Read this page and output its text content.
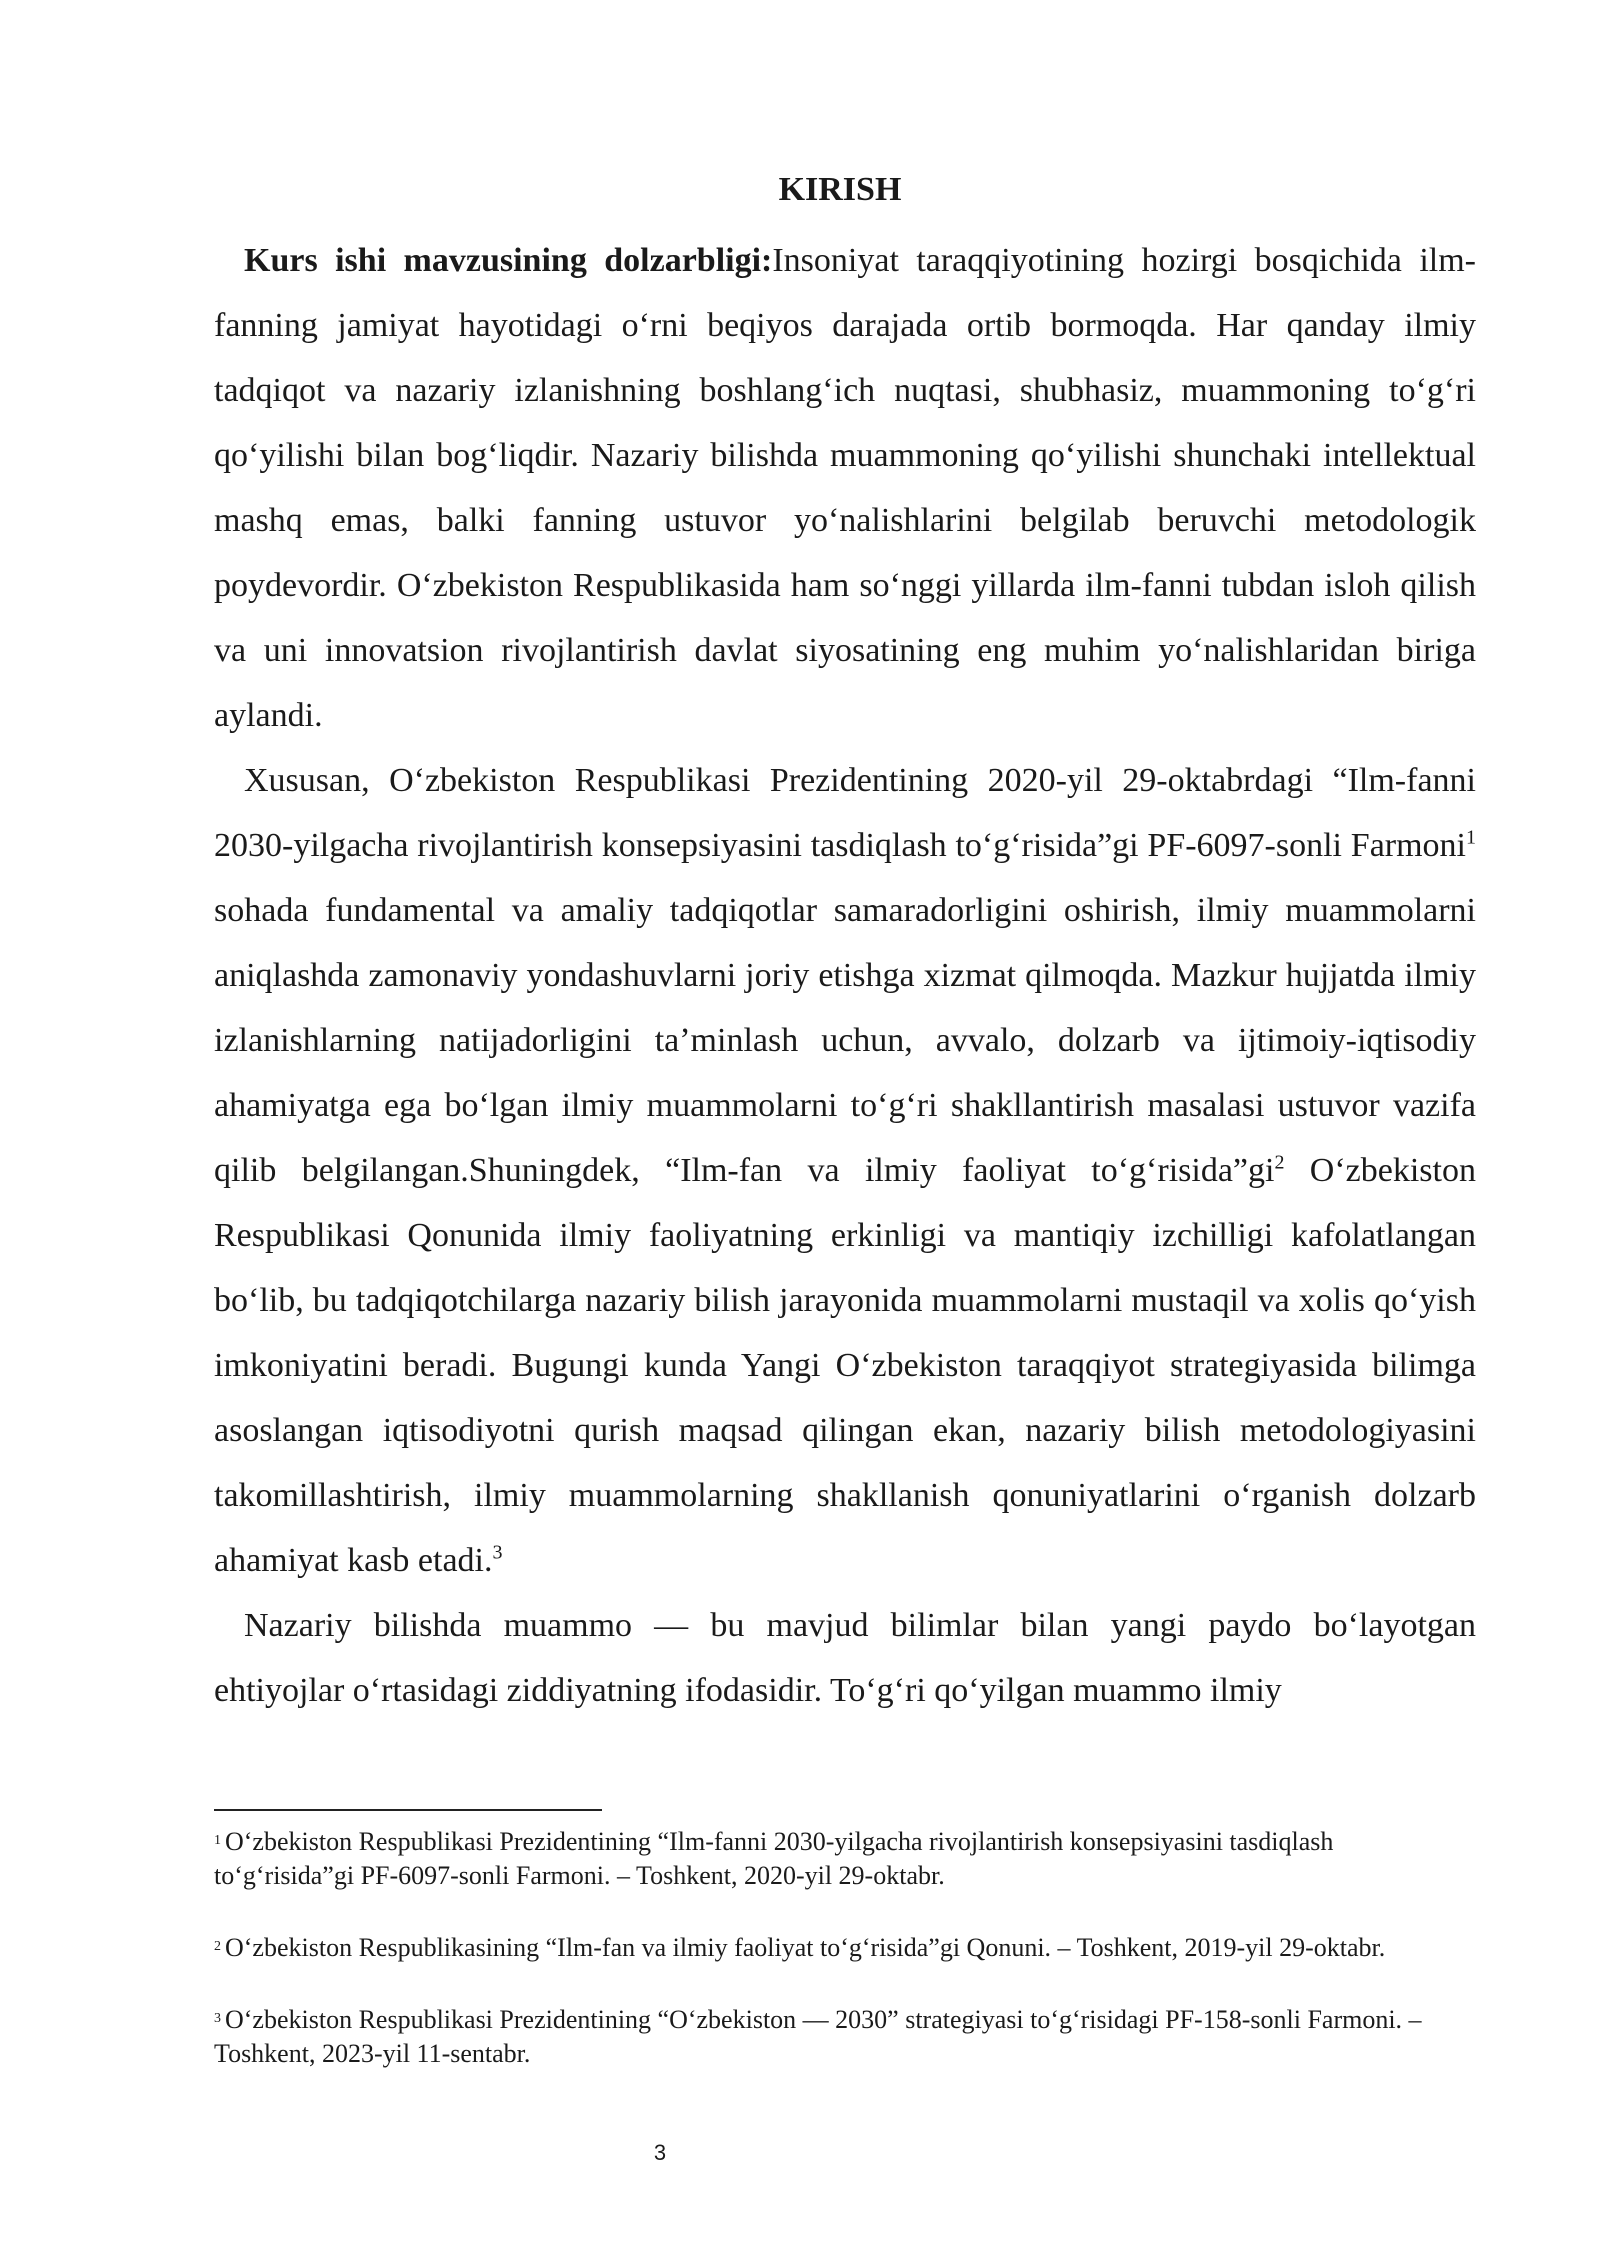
KIRISH

Kurs ishi mavzusining dolzarbligi:Insoniyat taraqqiyotining hozirgi bosqichida ilm-fanning jamiyat hayotidagi oʻrni beqiyos darajada ortib bormoqda. Har qanday ilmiy tadqiqot va nazariy izlanishning boshlangʻich nuqtasi, shubhasiz, muammoning toʻgʻri qoʻyilishi bilan bogʻliqdir. Nazariy bilishda muammoning qoʻyilishi shunchaki intellektual mashq emas, balki fanning ustuvor yoʻnalishlarini belgilab beruvchi metodologik poydevordir. Oʻzbekiston Respublikasida ham soʻnggi yillarda ilm-fanni tubdan isloh qilish va uni innovatsion rivojlantirish davlat siyosatining eng muhim yoʻnalishlaridan biriga aylandi.

Xususan, Oʻzbekiston Respublikasi Prezidentining 2020-yil 29-oktabrdagi “Ilm-fanni 2030-yilgacha rivojlantirish konsepsiyasini tasdiqlash toʻgʻrisida”gi PF-6097-sonli Farmoni$^1$ sohada fundamental va amaliy tadqiqotlar samaradorligini oshirish, ilmiy muammolarni aniqlashda zamonaviy yondashuvlarni joriy etishga xizmat qilmoqda. Mazkur hujjatda ilmiy izlanishlarning natijadorligini taʼminlash uchun, avvalo, dolzarb va ijtimoiy-iqtisodiy ahamiyatga ega boʻlgan ilmiy muammolarni toʻgʻri shakllantirish masalasi ustuvor vazifa qilib belgilangan.Shuningdek, “Ilm-fan va ilmiy faoliyat $toʻgʻrisida”gi^2$ Oʻzbekiston Respublikasi Qonunida ilmiy faoliyatning erkinligi va mantiqiy izchilligi kafolatlangan boʻlib, bu tadqiqotchilarga nazariy bilish jarayonida muammolarni mustaqil va xolis qoʻyish imkoniyatini beradi. Bugungi kunda Yangi Oʻzbekiston taraqqiyot strategiyasida bilimga asoslangan iqtisodiyotni qurish maqsad qilingan ekan, nazariy bilish metodologiyasini takomillashtirish, ilmiy muammolarning shakllanish qonuniyatlarini oʻrganish dolzarb ahamiyat kasb etadi.$^3$

Nazariy bilishda muammo — bu mavjud bilimlar bilan yangi paydo boʻlayotgan ehtiyojlar oʻrtasidagi ziddiyatning ifodasidir. Toʻgʻri qoʻyilgan muammo ilmiy

$^1$ Oʻzbekiston Respublikasi Prezidentining “Ilm-fanni 2030-yilgacha rivojlantirish konsepsiyasini tasdiqlash toʻgʻrisida”gi PF-6097-sonli Farmoni. – Toshkent, 2020-yil 29-oktabr.

$^2$ Oʻzbekiston Respublikasining “Ilm-fan va ilmiy faoliyat toʻgʻrisida”gi Qonuni. – Toshkent, 2019-yil 29-oktabr.

$^3$ Oʻzbekiston Respublikasi Prezidentining “Oʻzbekiston — 2030” strategiyasi toʻgʻrisidagi PF-158-sonli Farmoni. – Toshkent, 2023-yil 11-sentabr.

3
